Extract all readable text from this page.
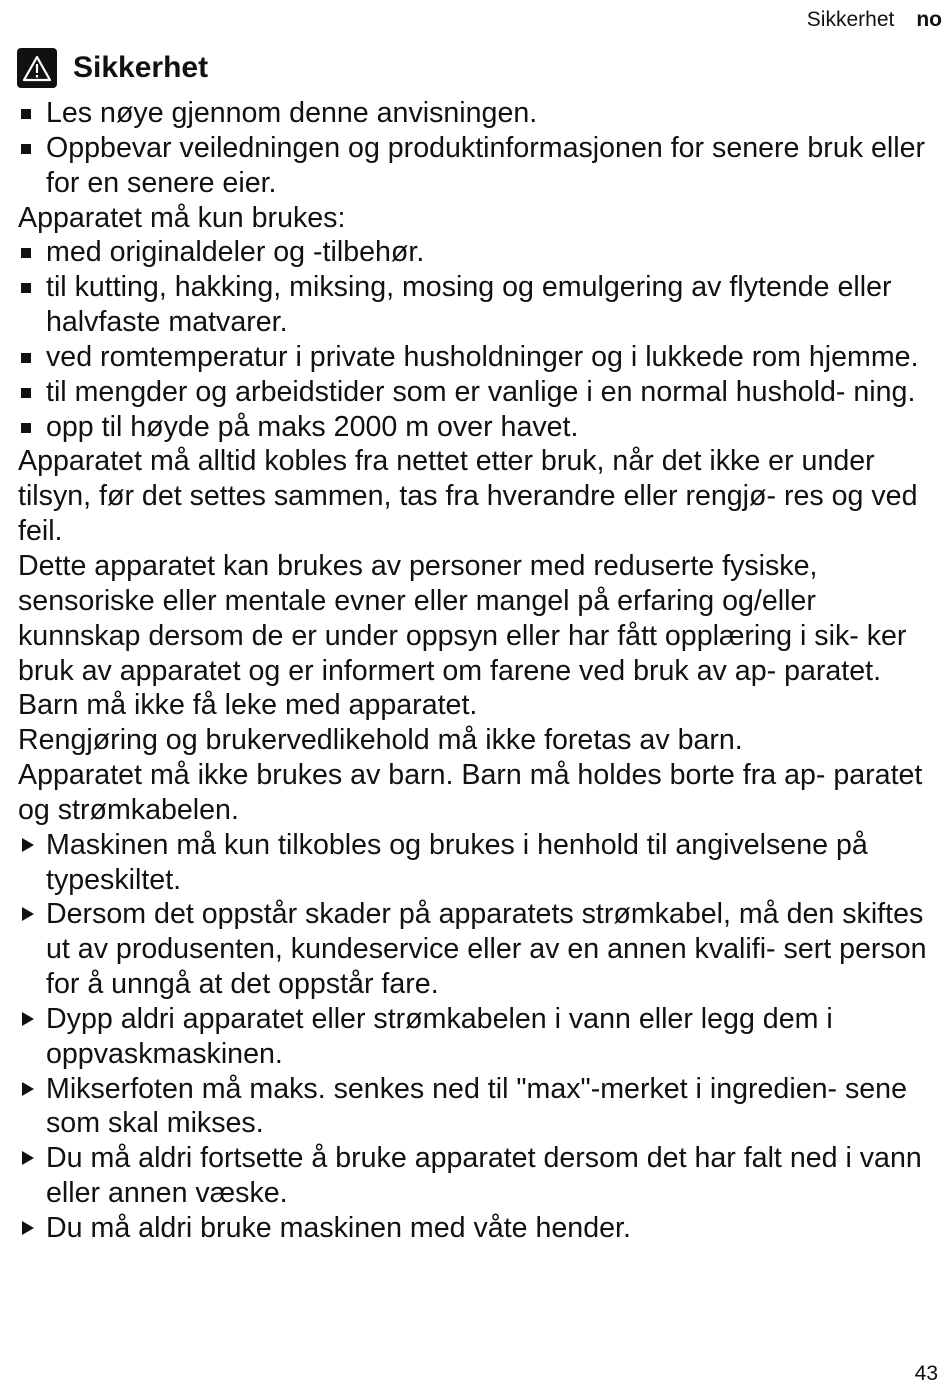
Sikkerhet no
Sikkerhet
Les nøye gjennom denne anvisningen.
Oppbevar veiledningen og produktinformasjonen for senere bruk eller for en senere eier.

Apparatet må kun brukes:

med originaldeler og -tilbehør.
til kutting, hakking, miksing, mosing og emulgering av flytende eller halvfaste matvarer.
ved romtemperatur i private husholdninger og i lukkede rom hjemme.
til mengder og arbeidstider som er vanlige i en normal hushold- ning.
opp til høyde på maks 2000 m over havet.

Apparatet må alltid kobles fra nettet etter bruk, når det ikke er under tilsyn, før det settes sammen, tas fra hverandre eller rengjø- res og ved feil.

Dette apparatet kan brukes av personer med reduserte fysiske, sensoriske eller mentale evner eller mangel på erfaring og/eller kunnskap dersom de er under oppsyn eller har fått opplæring i sik- ker bruk av apparatet og er informert om farene ved bruk av ap- paratet.

Barn må ikke få leke med apparatet.

Rengjøring og brukervedlikehold må ikke foretas av barn.

Apparatet må ikke brukes av barn. Barn må holdes borte fra ap- paratet og strømkabelen.

Maskinen må kun tilkobles og brukes i henhold til angivelsene på typeskiltet.
Dersom det oppstår skader på apparatets strømkabel, må den skiftes ut av produsenten, kundeservice eller av en annen kvalifi- sert person for å unngå at det oppstår fare.
Dypp aldri apparatet eller strømkabelen i vann eller legg dem i oppvaskmaskinen.
Mikserfoten må maks. senkes ned til "max"-merket i ingredien- sene som skal mikses.
Du må aldri fortsette å bruke apparatet dersom det har falt ned i vann eller annen væske.
Du må aldri bruke maskinen med våte hender.
43
